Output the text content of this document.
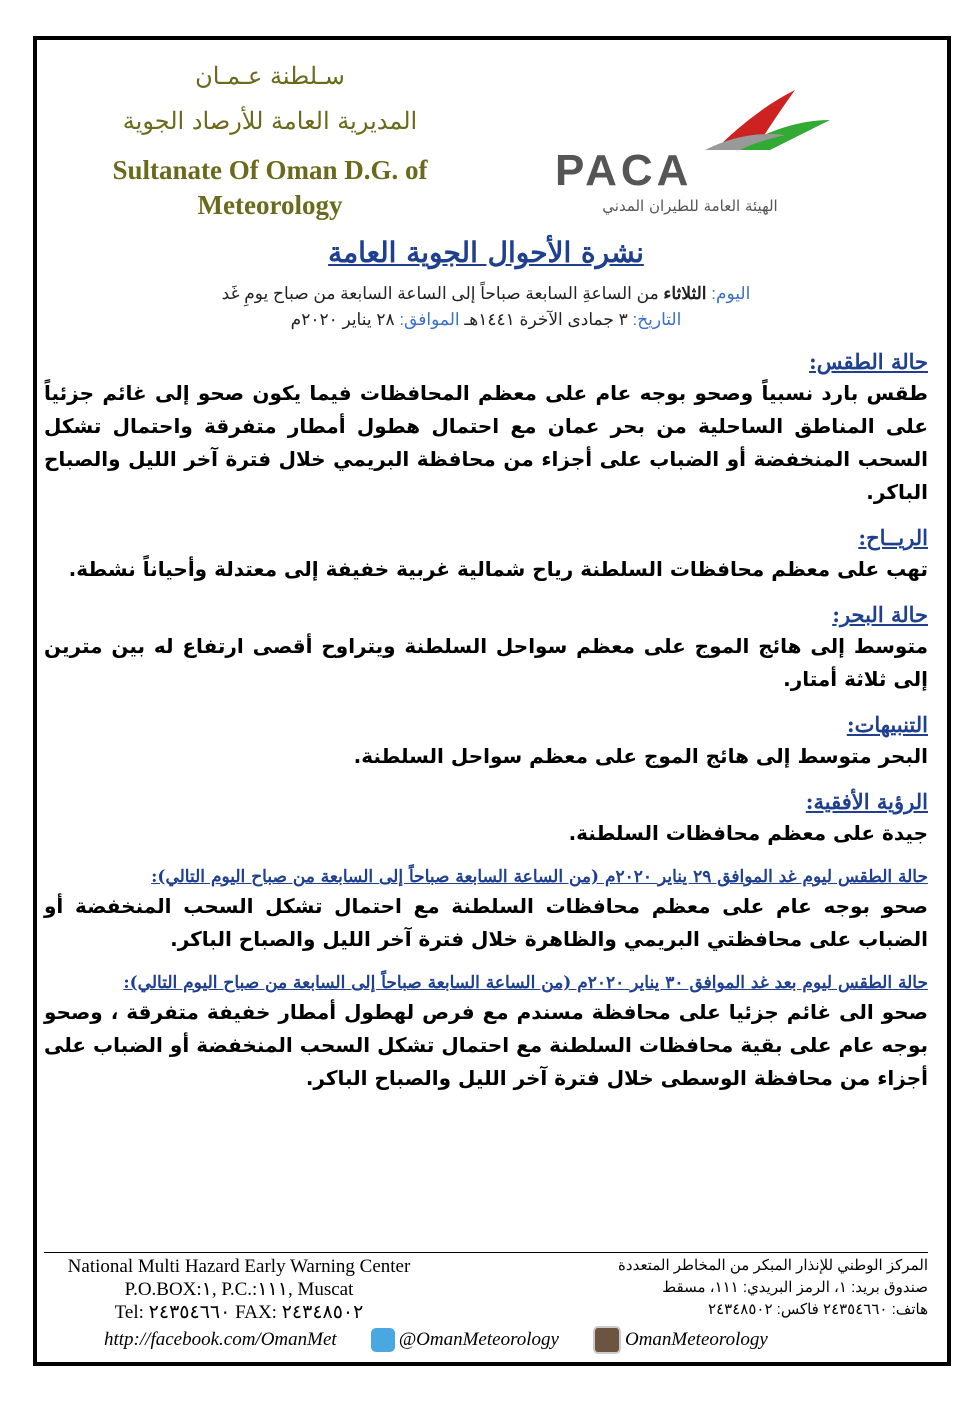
سـلطنة عـمـان
المديرية العامة للأرصاد الجوية
Sultanate Of Oman D.G. of
Meteorology
PACA
الهيئة العامة للطيران المدني
نشرة الأحوال الجوية العامة
اليوم: الثلاثاء من الساعةِ السابعة صباحاً إلى الساعة السابعة من صباح يومِ غَد
التاريخ: ٣ جمادى الآخرة ١٤٤١هـ الموافق: ٢٨ يناير ٢٠٢٠م
حالة الطقس:
طقس بارد نسبياً وصحو بوجه عام على معظم المحافظات فيما يكون صحو إلى غائم جزئياً على المناطق الساحلية من بحر عمان مع احتمال هطول أمطار متفرقة واحتمال تشكل السحب المنخفضة أو الضباب على أجزاء من محافظة البريمي خلال فترة آخر الليل والصباح الباكر.
الريــاح:
تهب على معظم محافظات السلطنة رياح شمالية غربية خفيفة إلى معتدلة وأحياناً نشطة.
حالة البحر:
متوسط إلى هائج الموج على معظم سواحل السلطنة ويتراوح أقصى ارتفاع له بين مترين إلى ثلاثة أمتار.
التنبيهات:
البحر متوسط إلى هائج الموج على معظم سواحل السلطنة.
الرؤية الأفقية:
جيدة على معظم محافظات السلطنة.
حالة الطقس ليوم غد الموافق ٢٩ يناير ٢٠٢٠م (من الساعة السابعة صباحاً إلى السابعة من صباح اليوم التالي):
صحو بوجه عام على معظم محافظات السلطنة مع احتمال تشكل السحب المنخفضة أو الضباب على محافظتي البريمي والظاهرة خلال فترة آخر الليل والصباح الباكر.
حالة الطقس ليوم بعد غد الموافق ٣٠ يناير ٢٠٢٠م (من الساعة السابعة صباحاً إلى السابعة من صباح اليوم التالي):
صحو الى غائم جزئيا على محافظة مسندم مع فرص لهطول أمطار خفيفة متفرقة ، وصحو بوجه عام على بقية محافظات السلطنة مع احتمال تشكل السحب المنخفضة أو الضباب على أجزاء من محافظة الوسطى خلال فترة آخر الليل والصباح الباكر.
National Multi Hazard Early Warning Center
P.O.BOX:١, P.C.:١١١, Muscat
Tel: ٢٤٣٥٤٦٦٠ FAX: ٢٤٣٤٨٥٠٢
المركز الوطني للإنذار المبكر من المخاطر المتعددة
صندوق بريد: ١، الرمز البريدي: ١١١، مسقط
هاتف: ٢٤٣٥٤٦٦٠ فاكس: ٢٤٣٤٨٥٠٢
http://facebook.com/OmanMet	@OmanMeteorology	OmanMeteorology
